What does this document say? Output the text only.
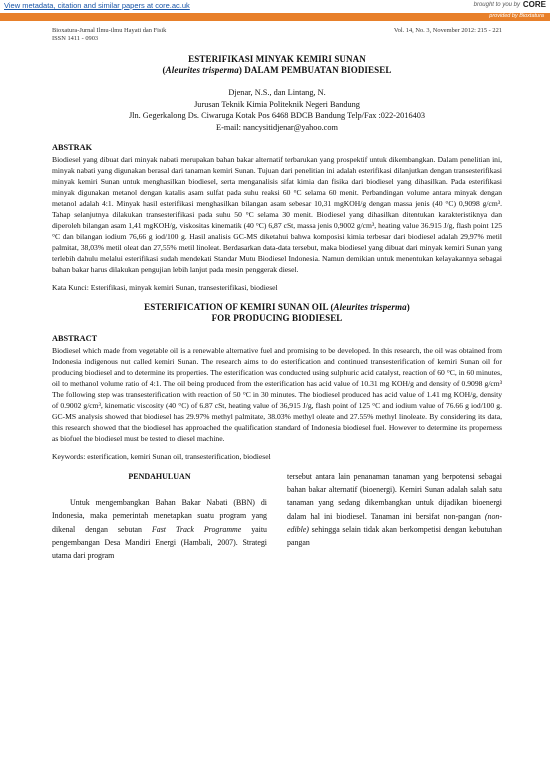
View metadata, citation and similar papers at core.ac.uk	brought to you by CORE
provided by Bioxtatura
Bioxatura-Jurnal Ilmu-ilmu Hayati dan Fisik
ISSN 1411 - 0903
Vol. 14, No. 3, November 2012: 215 - 221
ESTERIFIKASI MINYAK KEMIRI SUNAN
(Aleurites trisperma) DALAM PEMBUATAN BIODIESEL
Djenar, N.S., dan Lintang, N.
Jurusan Teknik Kimia Politeknik Negeri Bandung
Jln. Gegerkalong Ds. Ciwaruga Kotak Pos 6468 BDCB Bandung Telp/Fax :022-2016403
E-mail: nancysitidjenar@yahoo.com
ABSTRAK
Biodiesel yang dibuat dari minyak nabati merupakan bahan bakar alternatif terbarukan yang prospektif untuk dikembangkan. Dalam penelitian ini, minyak nabati yang digunakan berasal dari tanaman kemiri Sunan. Tujuan dari penelitian ini adalah esterifikasi dilanjutkan dengan transesterifikasi minyak kemiri Sunan untuk menghasilkan biodiesel, serta menganalisis sifat kimia dan fisika dari biodiesel yang dihasilkan. Pada esterifikasi minyak digunakan metanol dengan katalis asam sulfat pada suhu reaksi 60 °C selama 60 menit. Perbandingan volume antara minyak dengan metanol adalah 4:1. Minyak hasil esterifikasi menghasilkan bilangan asam sebesar 10,31 mgKOH/g dengan massa jenis (40 °C) 0,9098 g/cm³. Tahap selanjutnya dilakukan transesterifikasi pada suhu 50 °C selama 30 menit. Biodiesel yang dihasilkan ditentukan karakteristiknya dan diperoleh bilangan asam 1,41 mgKOH/g, viskositas kinematik (40 °C) 6,87 cSt, massa jenis 0,9002 g/cm³, heating value 36.915 J/g, flash point 125 °C dan bilangan iodium 76,66 g iod/100 g. Hasil analisis GC-MS diketahui bahwa komposisi kimia terbesar dari biodiesel adalah 29,97% metil palmitat, 38,03% metil oleat dan 27,55% metil linoleat. Berdasarkan data-data tersebut, maka biodiesel yang dibuat dari minyak kemiri Sunan yang terlebih dahulu melalui esterifikasi sudah mendekati Standar Mutu Biodiesel Indonesia. Namun demikian untuk menentukan kelayakannya sebagai bahan bakar harus dilakukan pengujian lebih lanjut pada mesin penggerak diesel.
Kata Kunci: Esterifikasi, minyak kemiri Sunan, transesterifikasi, biodiesel
ESTERIFICATION OF KEMIRI SUNAN OIL (Aleurites trisperma)
FOR PRODUCING BIODIESEL
ABSTRACT
Biodiesel which made from vegetable oil is a renewable alternative fuel and promising to be developed. In this research, the oil was obtained from Indonesia indigenous nut called kemiri Sunan. The research aims to do esterification and continued transesterification of kemiri Sunan oil for producing biodiesel and to determine its properties. The esterification was conducted using sulphuric acid catalyst, reaction of 60 °C, in 60 minutes, oil to methanol volume ratio of 4:1. The oil being produced from the esterification has acid value of 10.31 mg KOH/g and density of 0.9098 g/cm³ The following step was transesterification with reaction of 50 °C in 30 minutes. The biodiesel produced has acid value of 1.41 mg KOH/g, density of 0.9002 g/cm³, kinematic viscosity (40 °C) of 6.87 cSt, heating value of 36,915 J/g, flash point of 125 °C and iodium value of 76.66 g iod/100 g. GC-MS analysis showed that biodiesel has 29.97% methyl palmitate, 38.03% methyl oleate and 27.55% methyl linoleate. By considering its data, this research showed that the biodiesel has approached the qualification standard of Indonesia biodiesel fuel. However to determine its properness as biofuel the biodiesel must be tested to diesel machine.
Keywords: esterification, kemiri Sunan oil, transesterification, biodiesel
PENDAHULUAN
Untuk mengembangkan Bahan Bakar Nabati (BBN) di Indonesia, maka pemerintah menetapkan suatu program yang dikenal dengan sebutan Fast Track Programme yaitu pengembangan Desa Mandiri Energi (Hambali, 2007). Strategi utama dari program
tersebut antara lain penanaman tanaman yang berpotensi sebagai bahan bakar alternatif (bioenergi). Kemiri Sunan adalah salah satu tanaman yang sedang dikembangkan untuk dijadikan bioenergi dalam hal ini biodiesel. Tanaman ini bersifat non-pangan (non-edible) sehingga selain tidak akan berkompetisi dengan kebutuhan pangan
